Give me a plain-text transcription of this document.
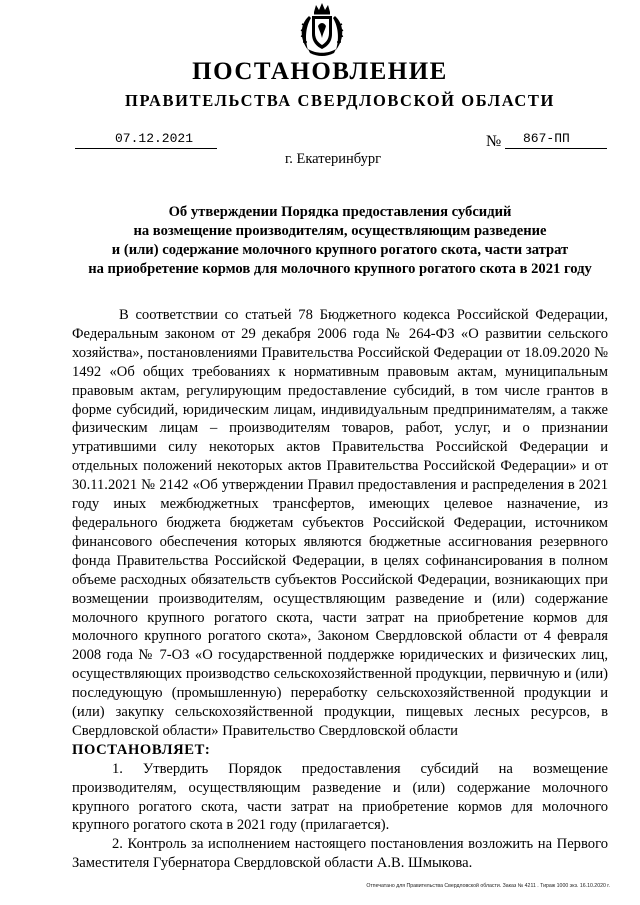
ПОСТАНОВЛЕНИЕ
ПРАВИТЕЛЬСТВА СВЕРДЛОВСКОЙ ОБЛАСТИ
07.12.2021	№ 867-ПП
г. Екатеринбург
Об утверждении Порядка предоставления субсидий
на возмещение производителям, осуществляющим разведение
и (или) содержание молочного крупного рогатого скота, части затрат
на приобретение кормов для молочного крупного рогатого скота в 2021 году

В соответствии со статьей 78 Бюджетного кодекса Российской Федерации, Федеральным законом от 29 декабря 2006 года № 264-ФЗ «О развитии сельского хозяйства», постановлениями Правительства Российской Федерации от 18.09.2020 № 1492 «Об общих требованиях к нормативным правовым актам, муниципальным правовым актам, регулирующим предоставление субсидий, в том числе грантов в форме субсидий, юридическим лицам, индивидуальным предпринимателям, а также физическим лицам – производителям товаров, работ, услуг, и о признании утратившими силу некоторых актов Правительства Российской Федерации и отдельных положений некоторых актов Правительства Российской Федерации» и от 30.11.2021 № 2142 «Об утверждении Правил предоставления и распределения в 2021 году иных межбюджетных трансфертов, имеющих целевое назначение, из федерального бюджета бюджетам субъектов Российской Федерации, источником финансового обеспечения которых являются бюджетные ассигнования резервного фонда Правительства Российской Федерации, в целях софинансирования в полном объеме расходных обязательств субъектов Российской Федерации, возникающих при возмещении производителям, осуществляющим разведение и (или) содержание молочного крупного рогатого скота, части затрат на приобретение кормов для молочного крупного рогатого скота», Законом Свердловской области от 4 февраля 2008 года № 7-ОЗ «О государственной поддержке юридических и физических лиц, осуществляющих производство сельскохозяйственной продукции, первичную и (или) последующую (промышленную) переработку сельскохозяйственной продукции и (или) закупку сельскохозяйственной продукции, пищевых лесных ресурсов, в Свердловской области» Правительство Свердловской области

ПОСТАНОВЛЯЕТ:

1. Утвердить Порядок предоставления субсидий на возмещение производителям, осуществляющим разведение и (или) содержание молочного крупного рогатого скота, части затрат на приобретение кормов для молочного крупного рогатого скота в 2021 году (прилагается).

2. Контроль за исполнением настоящего постановления возложить на Первого Заместителя Губернатора Свердловской области А.В. Шмыкова.

Отпечатано для Правительства Свердловской области. Заказ № 4211 . Тираж 1000 экз. 16.10.2020 г.
